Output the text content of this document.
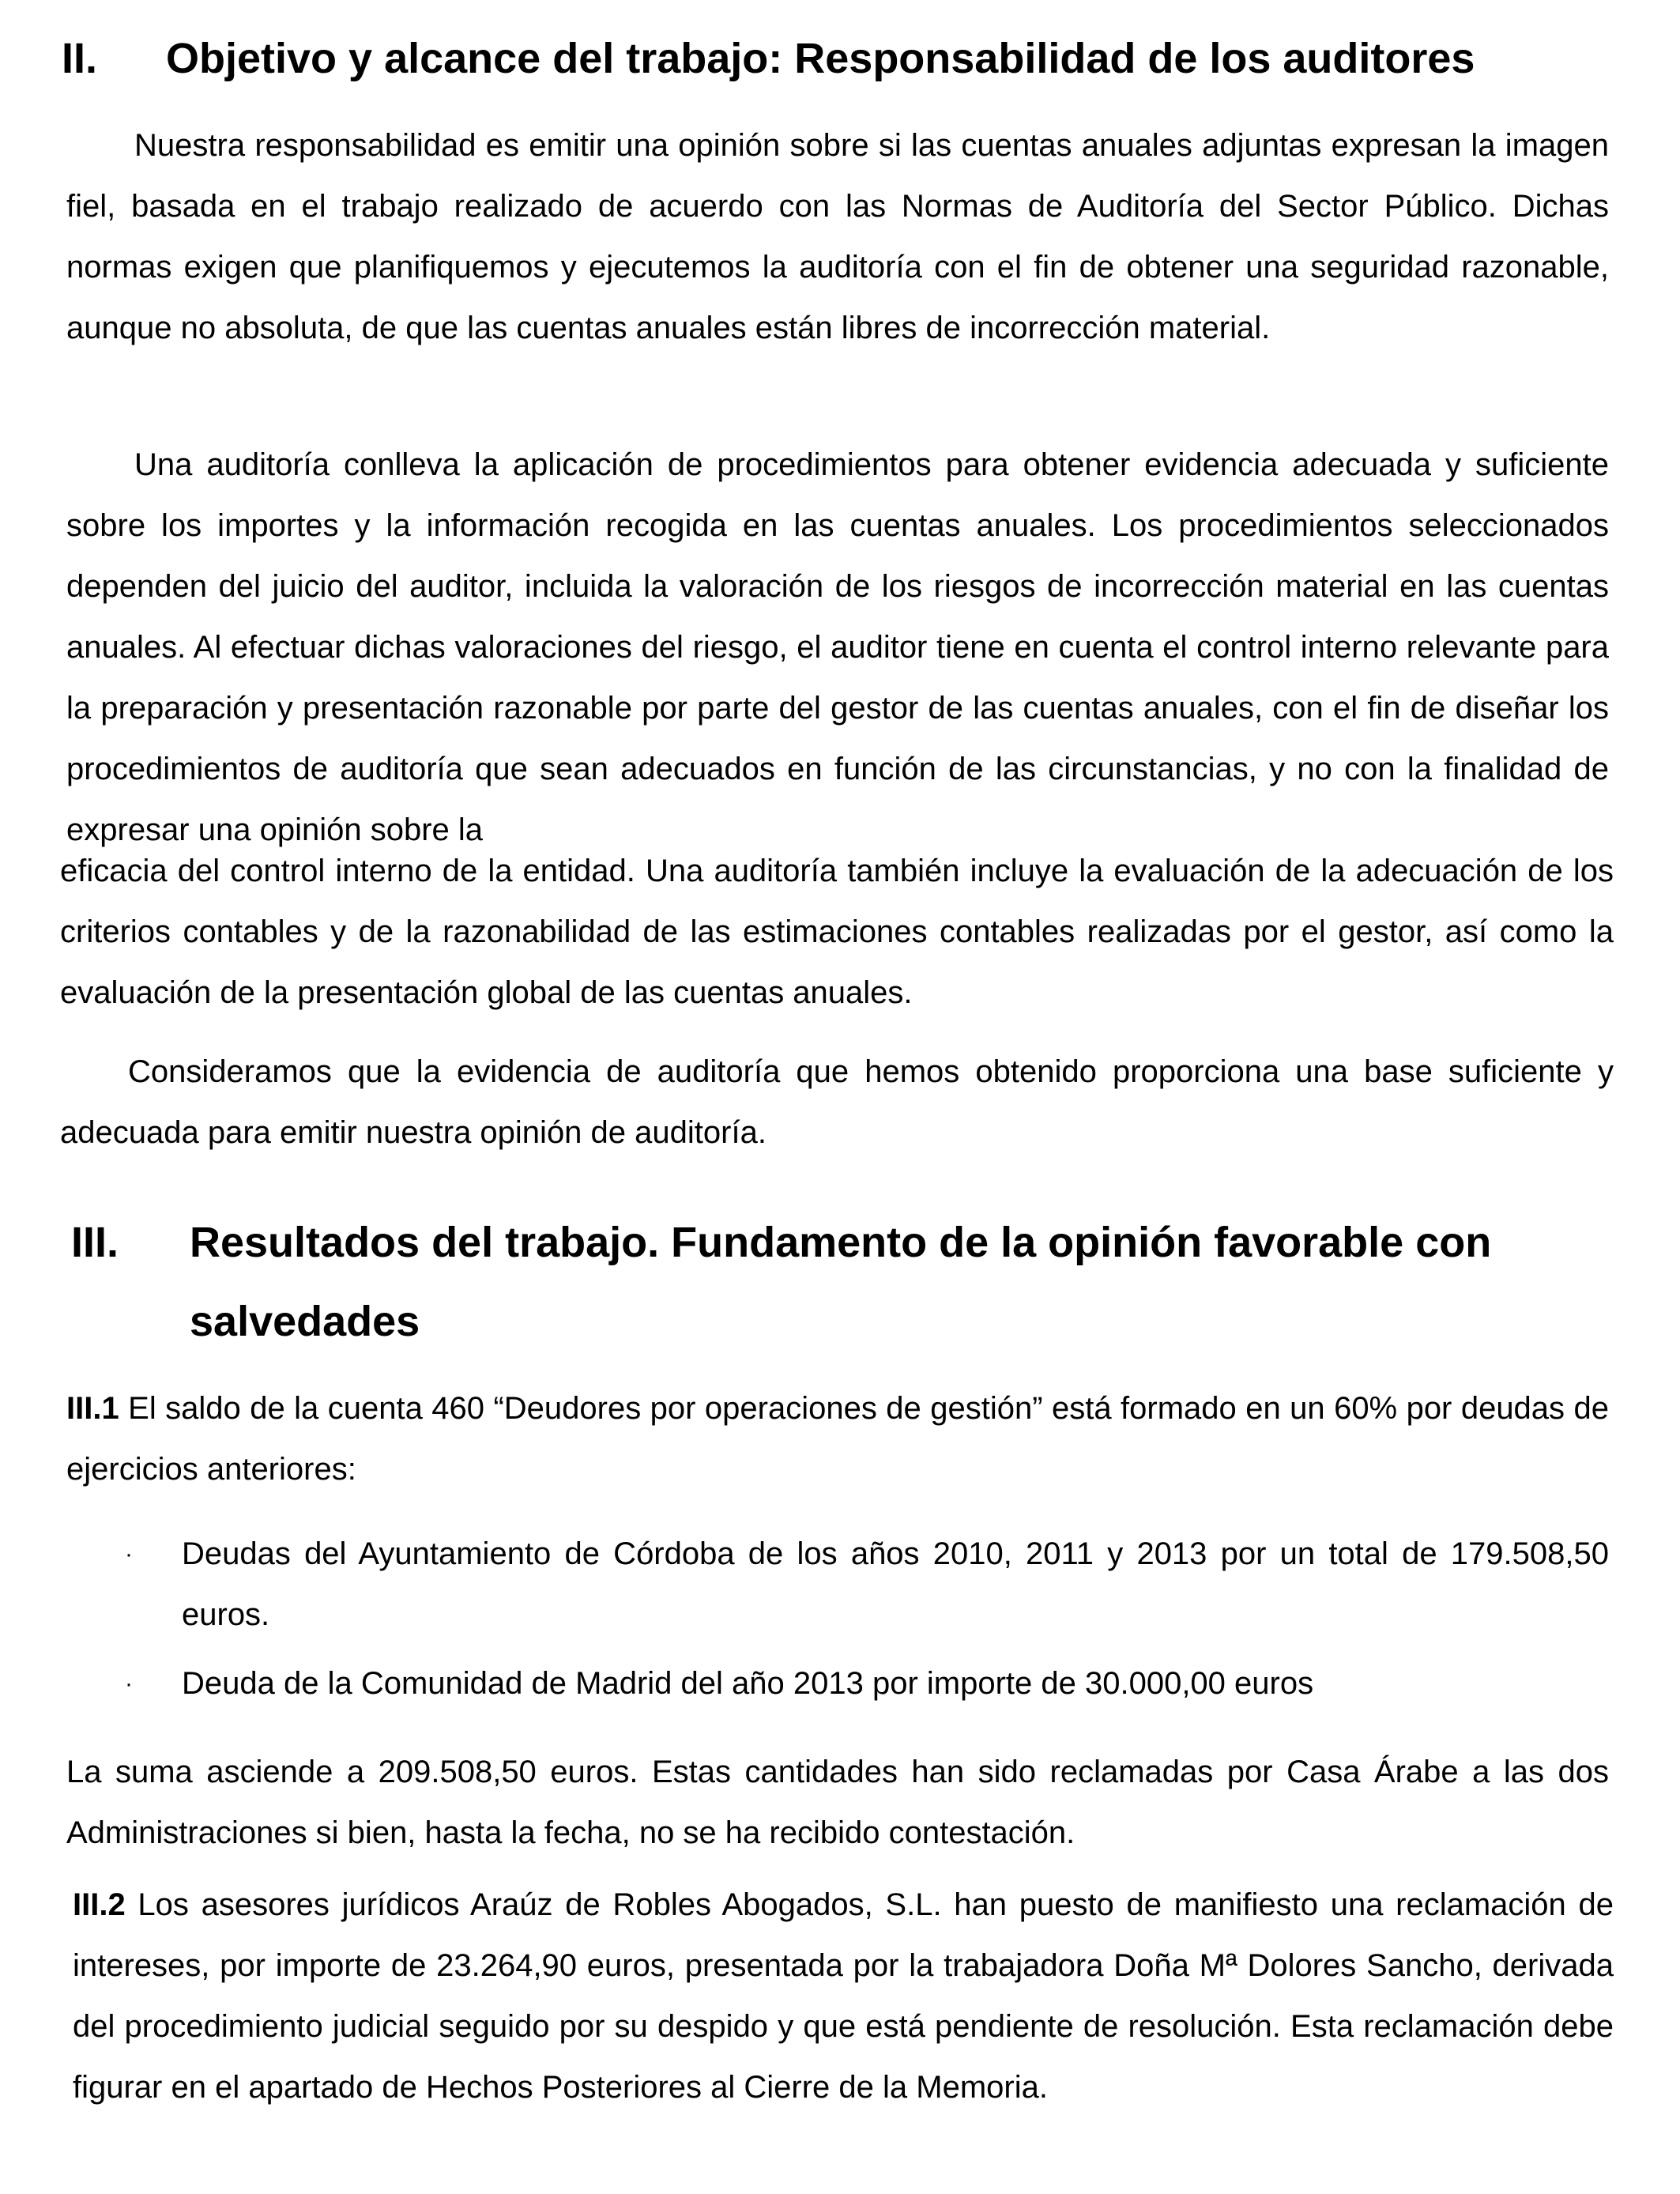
II. Objetivo y alcance del trabajo: Responsabilidad de los auditores

Nuestra responsabilidad es emitir una opinión sobre si las cuentas anuales adjuntas expresan la imagen fiel, basada en el trabajo realizado de acuerdo con las Normas de Auditoría del Sector Público. Dichas normas exigen que planifiquemos y ejecutemos la auditoría con el fin de obtener una seguridad razonable, aunque no absoluta, de que las cuentas anuales están libres de incorrección material.

Una auditoría conlleva la aplicación de procedimientos para obtener evidencia adecuada y suficiente sobre los importes y la información recogida en las cuentas anuales. Los procedimientos seleccionados dependen del juicio del auditor, incluida la valoración de los riesgos de incorrección material en las cuentas anuales. Al efectuar dichas valoraciones del riesgo, el auditor tiene en cuenta el control interno relevante para la preparación y presentación razonable por parte del gestor de las cuentas anuales, con el fin de diseñar los procedimientos de auditoría que sean adecuados en función de las circunstancias, y no con la finalidad de expresar una opinión sobre la

eficacia del control interno de la entidad. Una auditoría también incluye la evaluación de la adecuación de los criterios contables y de la razonabilidad de las estimaciones contables realizadas por el gestor, así como la evaluación de la presentación global de las cuentas anuales.

Consideramos que la evidencia de auditoría que hemos obtenido proporciona una base suficiente y adecuada para emitir nuestra opinión de auditoría.

III. Resultados del trabajo. Fundamento de la opinión favorable con
salvedades

III.1 El saldo de la cuenta 460 “Deudores por operaciones de gestión” está formado en un 60% por deudas de ejercicios anteriores:

· Deudas del Ayuntamiento de Córdoba de los años 2010, 2011 y 2013 por un total de 179.508,50 euros.
· Deuda de la Comunidad de Madrid del año 2013 por importe de 30.000,00 euros

La suma asciende a 209.508,50 euros. Estas cantidades han sido reclamadas por Casa Árabe a las dos Administraciones si bien, hasta la fecha, no se ha recibido contestación.

III.2 Los asesores jurídicos Araúz de Robles Abogados, S.L. han puesto de manifiesto una reclamación de intereses, por importe de 23.264,90 euros, presentada por la trabajadora Doña Mª Dolores Sancho, derivada del procedimiento judicial seguido por su despido y que está pendiente de resolución. Esta reclamación debe figurar en el apartado de Hechos Posteriores al Cierre de la Memoria.
